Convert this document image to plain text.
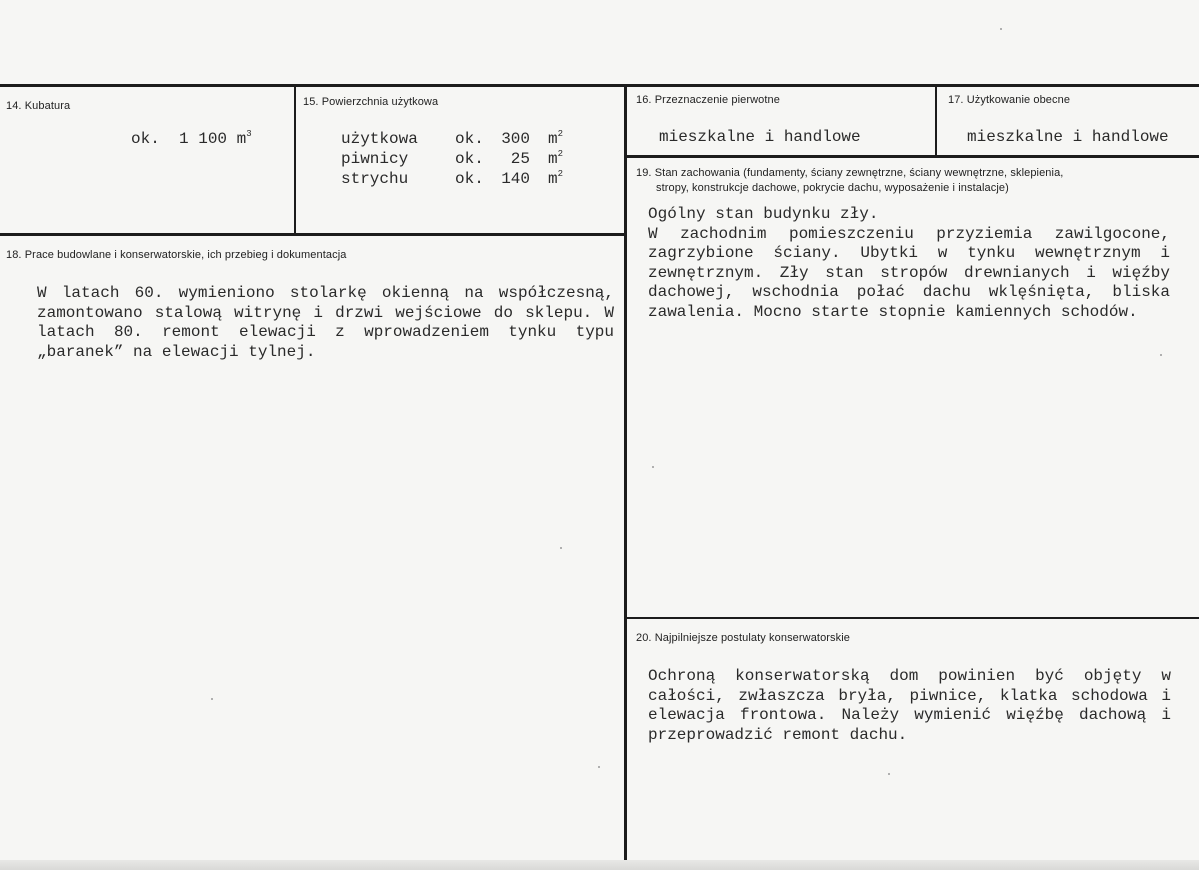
14. Kubatura
ok.  1 100 $m^3$
15. Powierzchnia użytkowa
użytkowa ok.	300 $m^2$
piwnicy	ok.	25 $m^2$
strychu	ok.	140 $m^2$
16. Przeznaczenie pierwotne
mieszkalne i handlowe
17. Użytkowanie obecne
mieszkalne i handlowe
18. Prace budowlane i konserwatorskie, ich przebieg i dokumentacja
W latach 60. wymieniono stolarkę okienną na współczesną, zamontowano stalową witrynę i drzwi wejściowe do sklepu. W latach 80. remont elewacji z wprowadzeniem tynku typu „baranek” na elewacji tylnej.
19. Stan zachowania (fundamenty, ściany zewnętrzne, ściany wewnętrzne, sklepienia,
stropy, konstrukcje dachowe, pokrycie dachu, wyposażenie i instalacje)
Ogólny stan budynku zły.
W zachodnim pomieszczeniu przyziemia zawilgocone, zagrzybione ściany. Ubytki w tynku wewnętrznym i zewnętrznym. Zły stan stropów drewnianych i więźby dachowej, wschodnia połać dachu wklęśnięta, bliska zawalenia. Mocno starte stopnie kamiennych schodów.
20. Najpilniejsze postulaty konserwatorskie
Ochroną konserwatorską dom powinien być objęty w całości, zwłaszcza bryła, piwnice, klatka schodowa i elewacja frontowa. Należy wymienić więźbę dachową i przeprowadzić remont dachu.
